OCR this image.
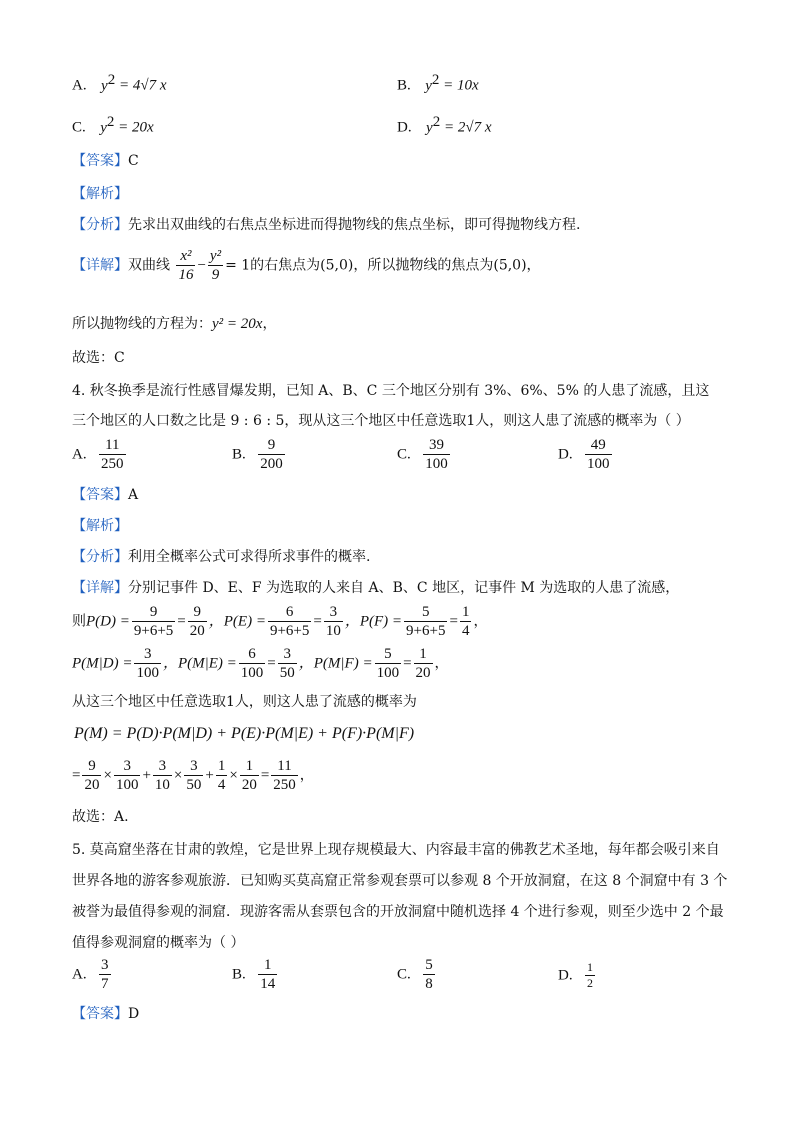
A. $y^2 = 4√7$ x	B. $y^2 = 10x$
C. $y^2 = 20x$	D. $y^2 = 2√7$ x
【答案】C
【解析】
【分析】先求出双曲线的右焦点坐标进而得抛物线的焦点坐标，即可得抛物线方程.
【详解】双曲线 $\frac{\text{x²}}{16} - \frac{\text{y²}}{9} = 1$的右焦点为(5,0)，所以抛物线的焦点为(5,0)，
所以抛物线的方程为：y² = 20x，
故选：C
4. 秋冬换季是流行性感冒爆发期，已知 A、B、C 三个地区分别有 3%、6%、5% 的人患了流感，且这
三个地区的人口数之比是 9 : 6 : 5，现从这三个地区中任意选取1人，则这人患了流感的概率为（ ）
A. $\frac{11}{250}$	B. $\frac{9}{200}$	C. $\frac{39}{100}$	D. $\frac{49}{100}$
【答案】A
【解析】
【分析】利用全概率公式可求得所求事件的概率.
【详解】分别记事件 D、E、F 为选取的人来自 A、B、C 地区，记事件 M 为选取的人患了流感，
则$P(D) = \frac{9}{9+6+5} = \frac{9}{20}$ ，$P(E) = \frac{6}{9+6+5} = \frac{3}{10}$ ，$P(F) = \frac{5}{9+6+5} = \frac{1}{4}$ ，
$P(M|D) = \frac{3}{100}$ ，$P(M|E) = \frac{6}{100} = \frac{3}{50}$ ，$P(M|F) = \frac{5}{100} = \frac{1}{20}$ ，
从这三个地区中任意选取1人，则这人患了流感的概率为
P(M) = P(D)·P(M|D) + P(E)·P(M|E) + P(F)·P(M|F)
= $\frac{9}{20} \times \frac{3}{100} + \frac{3}{10} \times \frac{3}{50} + \frac{1}{4} \times \frac{1}{20} = \frac{11}{250}$ ，
故选：A.
5. 莫高窟坐落在甘肃的敦煌，它是世界上现存规模最大、内容最丰富的佛教艺术圣地，每年都会吸引来自
世界各地的游客参观旅游．已知购买莫高窟正常参观套票可以参观 8 个开放洞窟，在这 8 个洞窟中有 3 个
被誉为最值得参观的洞窟．现游客需从套票包含的开放洞窟中随机选择 4 个进行参观，则至少选中 2 个最
值得参观洞窟的概率为（ ）
A. $\frac{3}{7}$	B. $\frac{1}{14}$	C. $\frac{5}{8}$	D. $\frac{1}{2}$
【答案】D
